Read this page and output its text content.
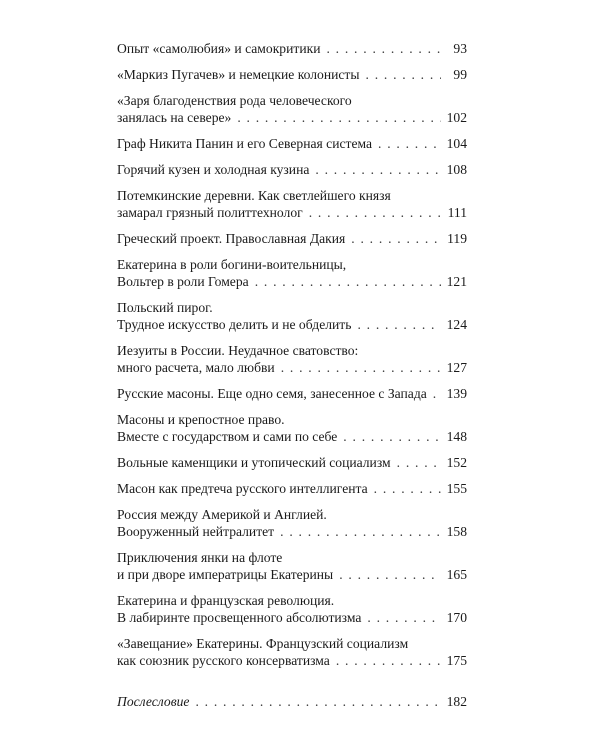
Опыт «самолюбия» и самокритики . . .	93
«Маркиз Пугачев» и немецкие колонисты . . .	99
«Заря благоденствия рода человеческого
занялась на севере» . . .	102
Граф Никита Панин и его Северная система . . .	104
Горячий кузен и холодная кузина . . .	108
Потемкинские деревни. Как светлейшего князя
замарал грязный политтехнолог . . .	111
Греческий проект. Православная Дакия . . .	119
Екатерина в роли богини-воительницы,
Вольтер в роли Гомера . . .	121
Польский пирог.
Трудное искусство делить и не обделить . . .	124
Иезуиты в России. Неудачное сватовство:
много расчета, мало любви . . .	127
Русские масоны. Еще одно семя, занесенное с Запада . . . 139
Масоны и крепостное право.
Вместе с государством и сами по себе . . .	148
Вольные каменщики и утопический социализм . . .	152
Масон как предтеча русского интеллигента . . .	155
Россия между Америкой и Англией.
Вооруженный нейтралитет . . .	158
Приключения янки на флоте
и при дворе императрицы Екатерины . . .	165
Екатерина и французская революция.
В лабиринте просвещенного абсолютизма . . .	170
«Завещание» Екатерины. Французский социализм
как союзник русского консерватизма . . .	175
Послесловие . . .	182
